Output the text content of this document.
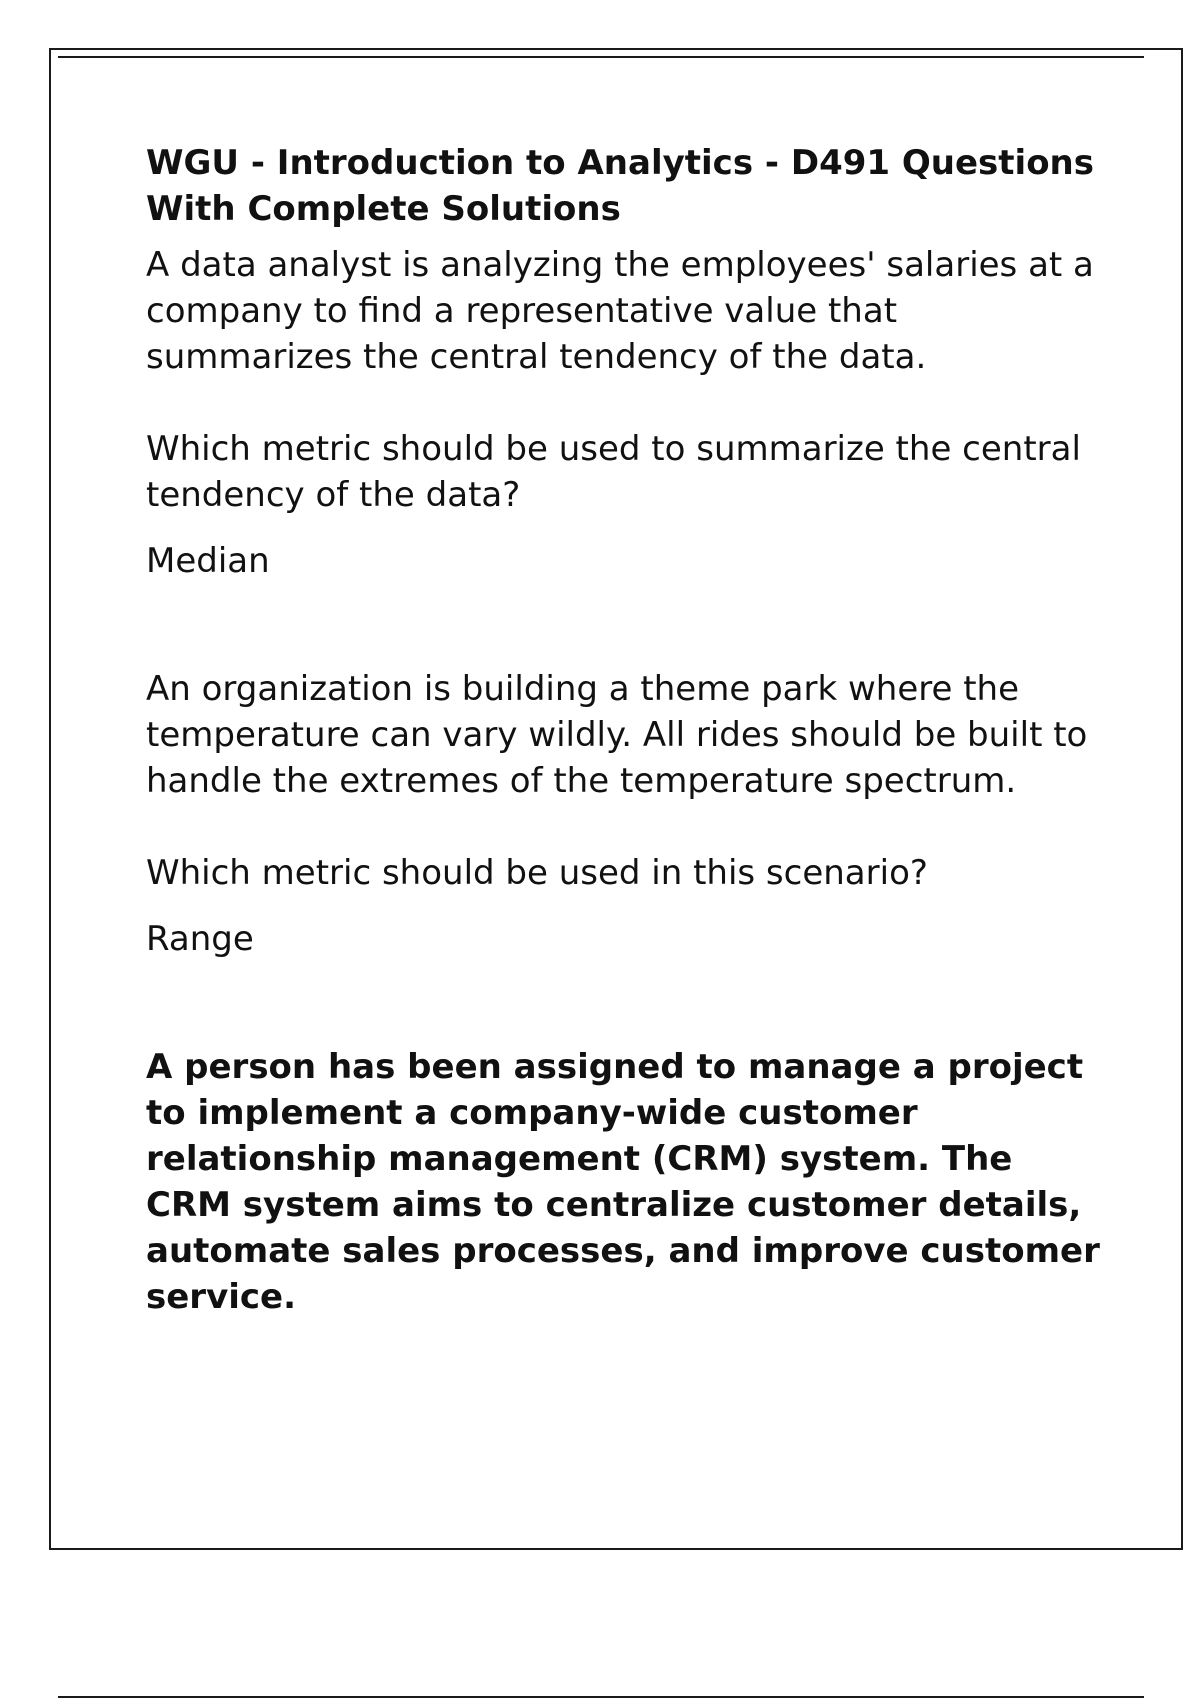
WGU - Introduction to Analytics - D491 Questions With Complete Solutions

A data analyst is analyzing the employees' salaries at a company to find a representative value that summarizes the central tendency of the data.

Which metric should be used to summarize the central tendency of the data?

Median

An organization is building a theme park where the temperature can vary wildly. All rides should be built to handle the extremes of the temperature spectrum.

Which metric should be used in this scenario?

Range

A person has been assigned to manage a project to implement a company-wide customer relationship management (CRM) system. The CRM system aims to centralize customer details, automate sales processes, and improve customer service.
